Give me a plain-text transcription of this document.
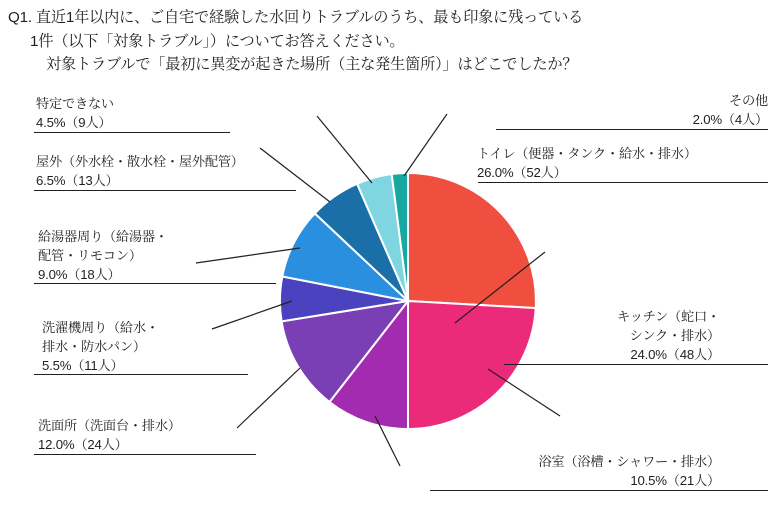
Q1. 直近1年以内に、ご自宅で経験した水回りトラブルのうち、最も印象に残っている
1件（以下「対象トラブル」）についてお答えください。
対象トラブルで「最初に異変が起きた場所（主な発生箇所）」はどこでしたか？
トイレ（便器・タンク・給水・排水）
26.0%（52人）
キッチン（蛇口・
シンク・排水）
24.0%（48人）
浴室（浴槽・シャワー・排水）
10.5%（21人）
洗面所（洗面台・排水）
12.0%（24人）
洗濯機周り（給水・
排水・防水パン）
5.5%（11人）
給湯器周り（給湯器・
配管・リモコン）
9.0%（18人）
屋外（外水栓・散水栓・屋外配管）
6.5%（13人）
特定できない
4.5%（9人）
その他
2.0%（4人）
